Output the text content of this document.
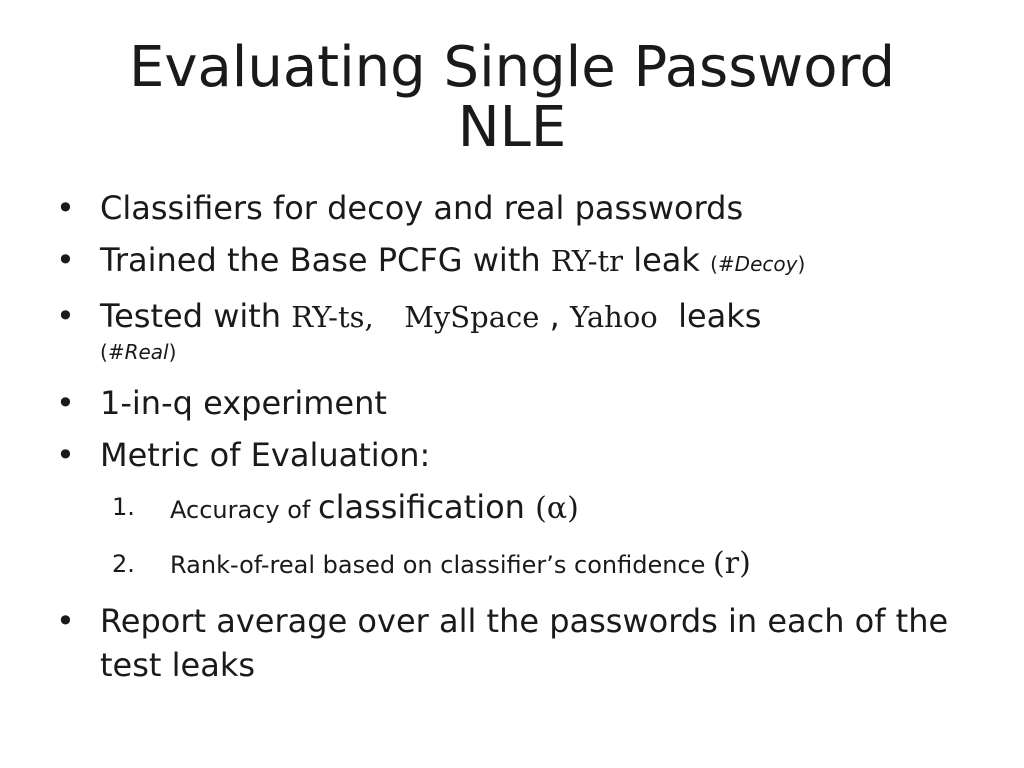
Evaluating Single Password
NLE
• Classifiers for decoy and real passwords
• Trained the Base PCFG with RY-tr leak (#Decoy)
• Tested with RY-ts, MySpace , Yahoo  leaks
(#Real)
• 1-in-q experiment
• Metric of Evaluation:
1. Accuracy of classification (α)
2. Rank-of-real based on classifier’s confidence (r)
• Report average over all the passwords in each of the test leaks
